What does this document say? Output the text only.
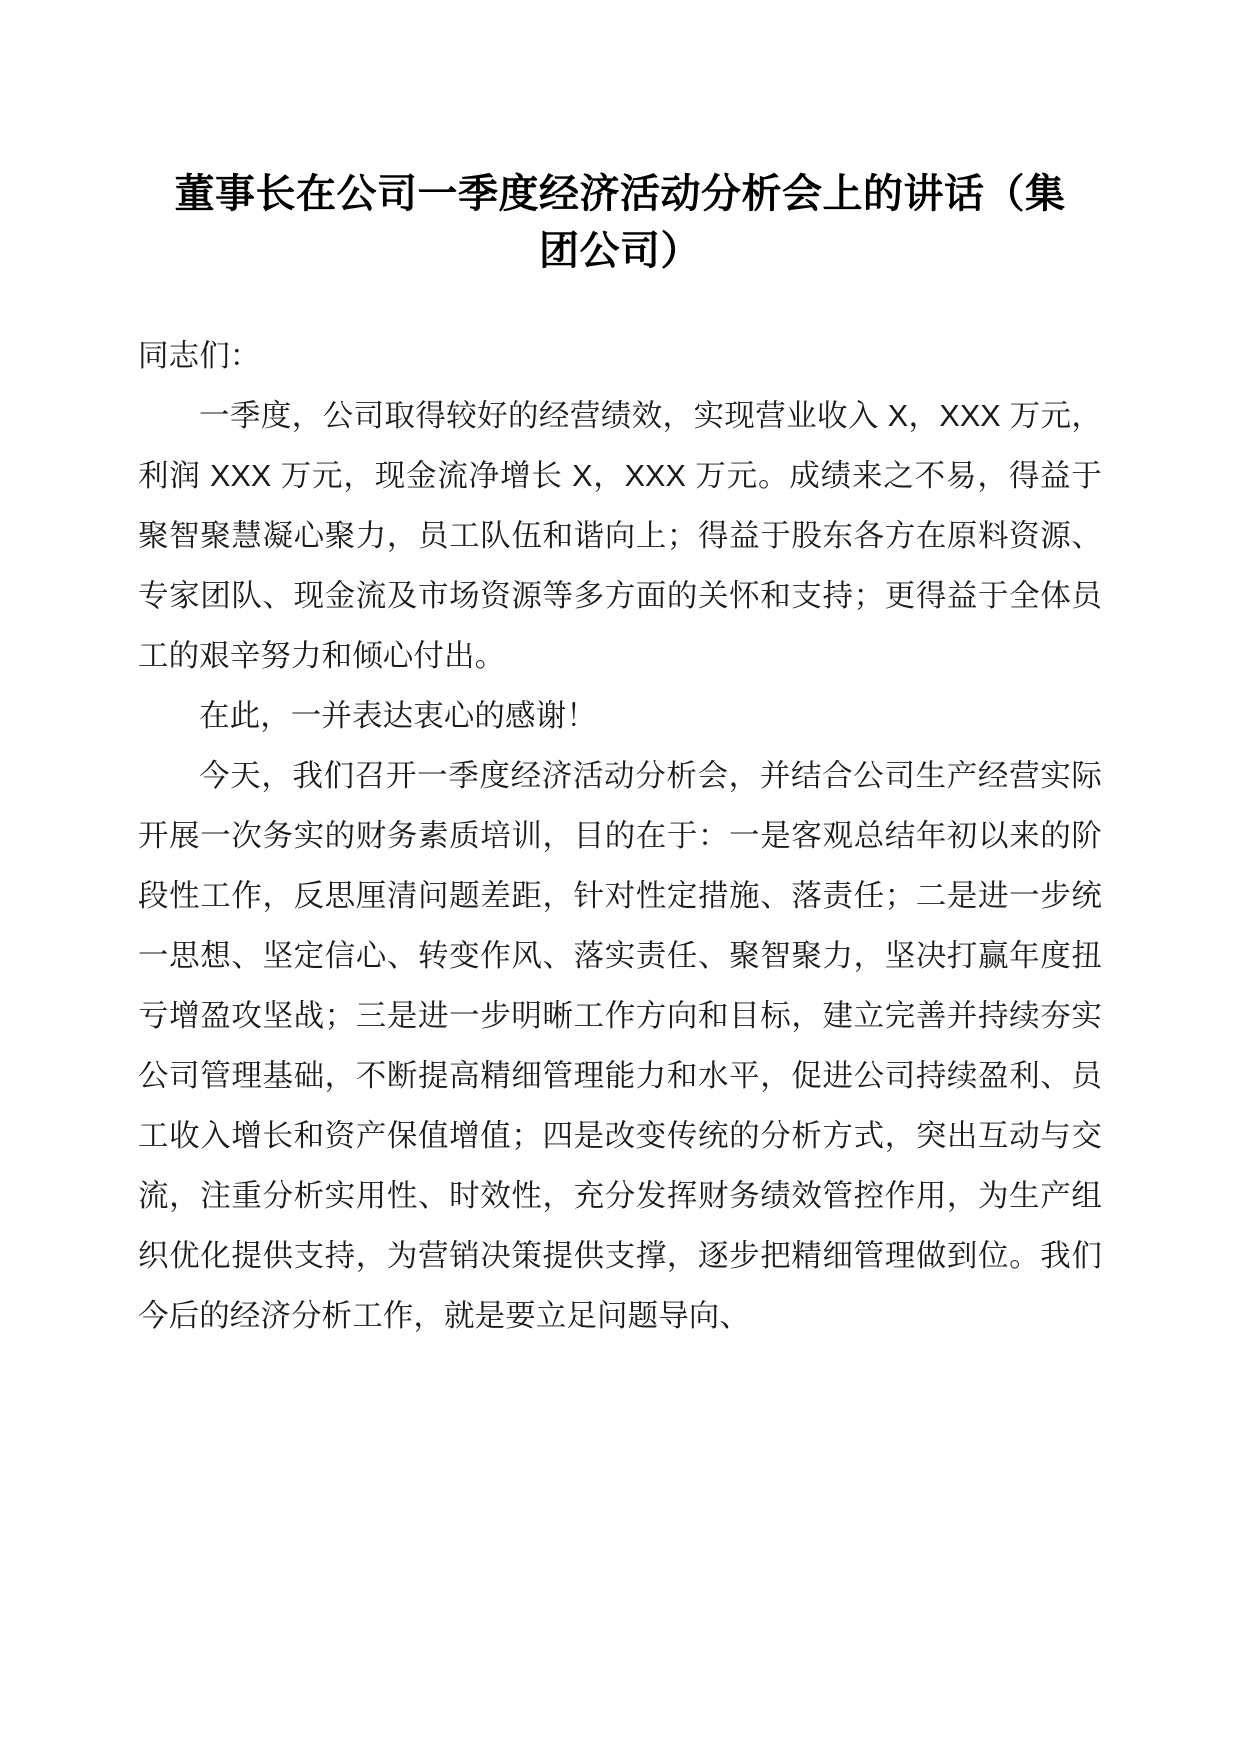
董事长在公司一季度经济活动分析会上的讲话（集团公司）

同志们：

一季度，公司取得较好的经营绩效，实现营业收入 X，XXX 万元，利润 XXX 万元，现金流净增长 X，XXX 万元。成绩来之不易，得益于聚智聚慧凝心聚力，员工队伍和谐向上；得益于股东各方在原料资源、专家团队、现金流及市场资源等多方面的关怀和支持；更得益于全体员工的艰辛努力和倾心付出。

在此，一并表达衷心的感谢！

今天，我们召开一季度经济活动分析会，并结合公司生产经营实际开展一次务实的财务素质培训，目的在于：一是客观总结年初以来的阶段性工作，反思厘清问题差距，针对性定措施、落责任；二是进一步统一思想、坚定信心、转变作风、落实责任、聚智聚力，坚决打赢年度扭亏增盈攻坚战；三是进一步明晰工作方向和目标，建立完善并持续夯实公司管理基础，不断提高精细管理能力和水平，促进公司持续盈利、员工收入增长和资产保值增值；四是改变传统的分析方式，突出互动与交流，注重分析实用性、时效性，充分发挥财务绩效管控作用，为生产组织优化提供支持，为营销决策提供支撑，逐步把精细管理做到位。我们今后的经济分析工作，就是要立足问题导向、
